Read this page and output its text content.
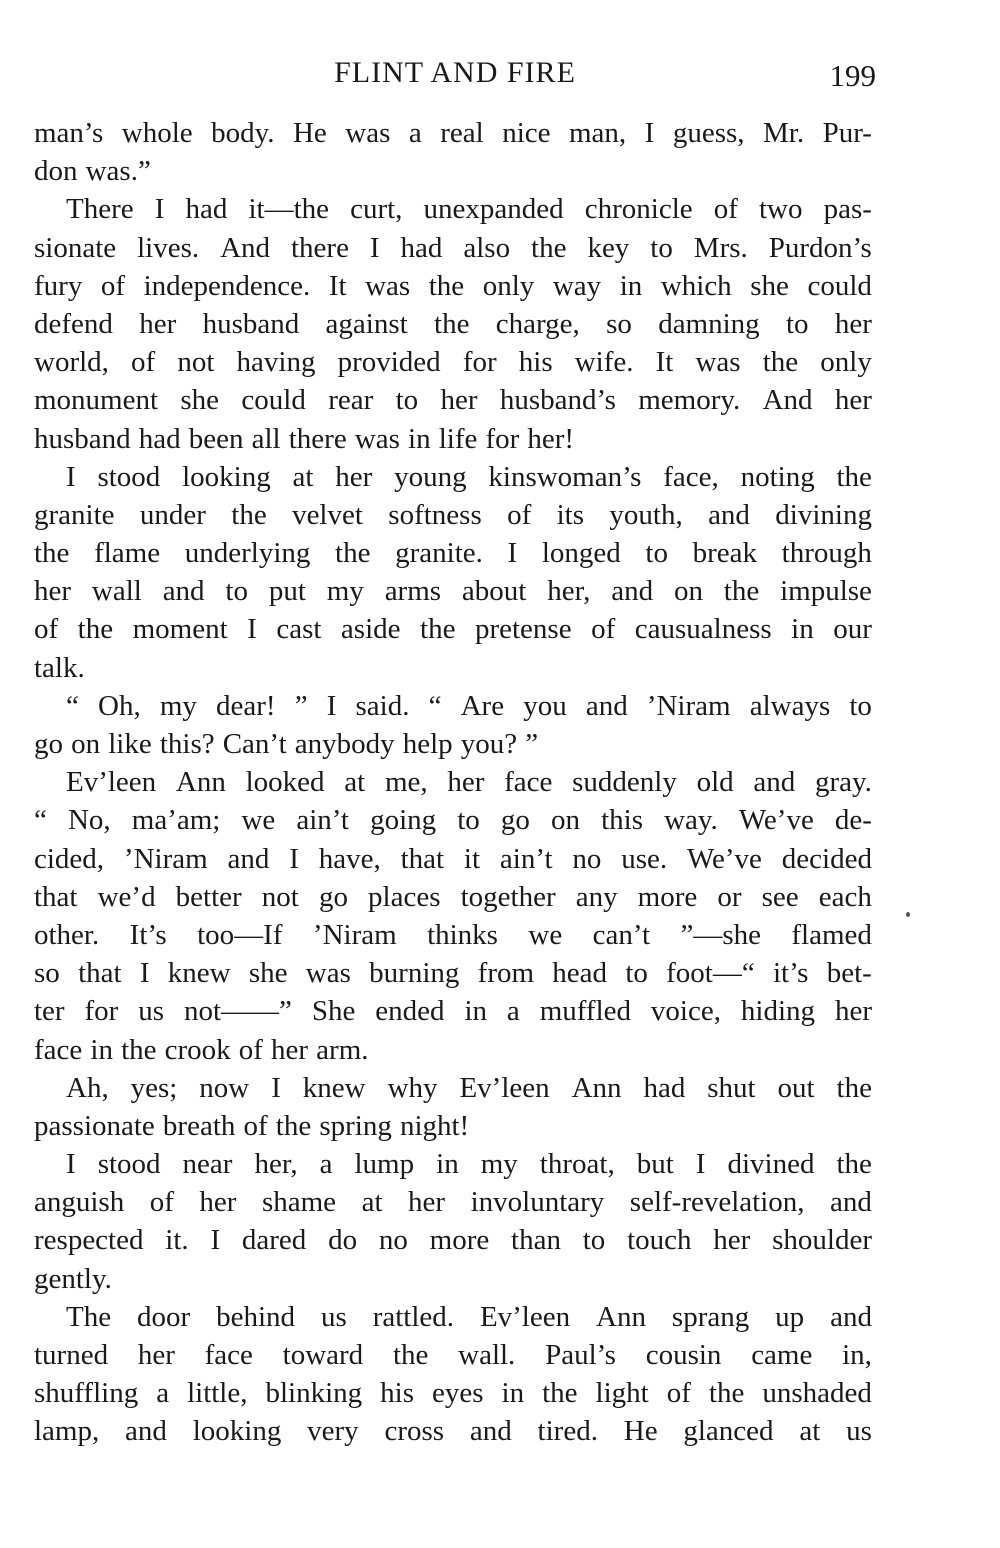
FLINT AND FIRE	199
man’s whole body. He was a real nice man, I guess, Mr. Pur-
don was.”
There I had it—the curt, unexpanded chronicle of two pas-
sionate lives. And there I had also the key to Mrs. Purdon’s
fury of independence. It was the only way in which she could
defend her husband against the charge, so damning to her
world, of not having provided for his wife. It was the only
monument she could rear to her husband’s memory. And her
husband had been all there was in life for her!
I stood looking at her young kinswoman’s face, noting the
granite under the velvet softness of its youth, and divining
the flame underlying the granite. I longed to break through
her wall and to put my arms about her, and on the impulse
of the moment I cast aside the pretense of causualness in our
talk.
“ Oh, my dear! ” I said. “ Are you and ’Niram always to
go on like this? Can’t anybody help you? ”
Ev’leen Ann looked at me, her face suddenly old and gray.
“ No, ma’am; we ain’t going to go on this way. We’ve de-
cided, ’Niram and I have, that it ain’t no use. We’ve decided
that we’d better not go places together any more or see each
other. It’s too—If ’Niram thinks we can’t ”—she flamed
so that I knew she was burning from head to foot—“ it’s bet-
ter for us not——” She ended in a muffled voice, hiding her
face in the crook of her arm.
Ah, yes; now I knew why Ev’leen Ann had shut out the
passionate breath of the spring night!
I stood near her, a lump in my throat, but I divined the
anguish of her shame at her involuntary self-revelation, and
respected it. I dared do no more than to touch her shoulder
gently.
The door behind us rattled. Ev’leen Ann sprang up and
turned her face toward the wall. Paul’s cousin came in,
shuffling a little, blinking his eyes in the light of the unshaded
lamp, and looking very cross and tired. He glanced at us
